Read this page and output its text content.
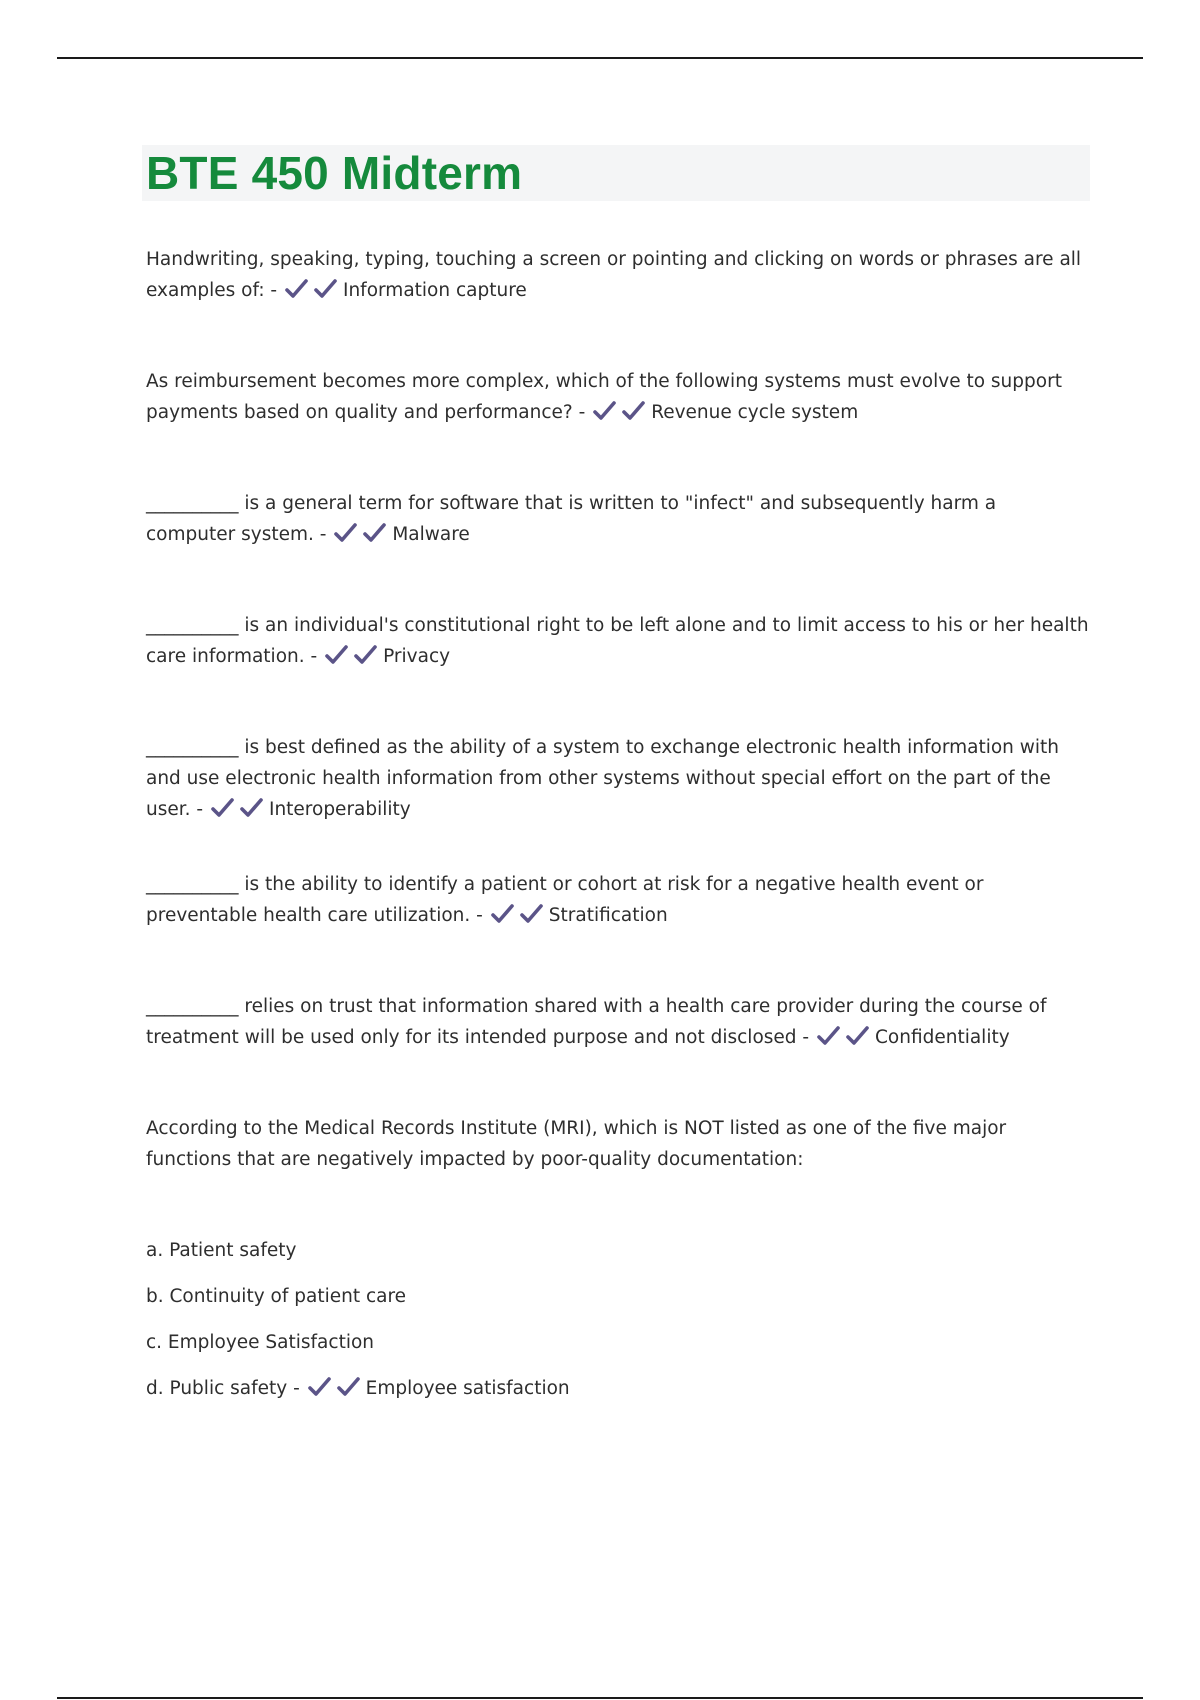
BTE 450 Midterm

Handwriting, speaking, typing, touching a screen or pointing and clicking on words or phrases are all examples of: -	Information capture

As reimbursement becomes more complex, which of the following systems must evolve to support payments based on quality and performance? -	Revenue cycle system

__________ is a general term for software that is written to "infect" and subsequently harm a computer system. -	Malware

__________ is an individual's constitutional right to be left alone and to limit access to his or her health care information. -	Privacy

__________ is best defined as the ability of a system to exchange electronic health information with and use electronic health information from other systems without special effort on the part of the user. -	Interoperability

__________ is the ability to identify a patient or cohort at risk for a negative health event or preventable health care utilization. -	Stratification

__________ relies on trust that information shared with a health care provider during the course of treatment will be used only for its intended purpose and not disclosed -	Confidentiality

According to the Medical Records Institute (MRI), which is NOT listed as one of the five major functions that are negatively impacted by poor-quality documentation:

a. Patient safety

b. Continuity of patient care

c. Employee Satisfaction

d. Public safety -	Employee satisfaction
